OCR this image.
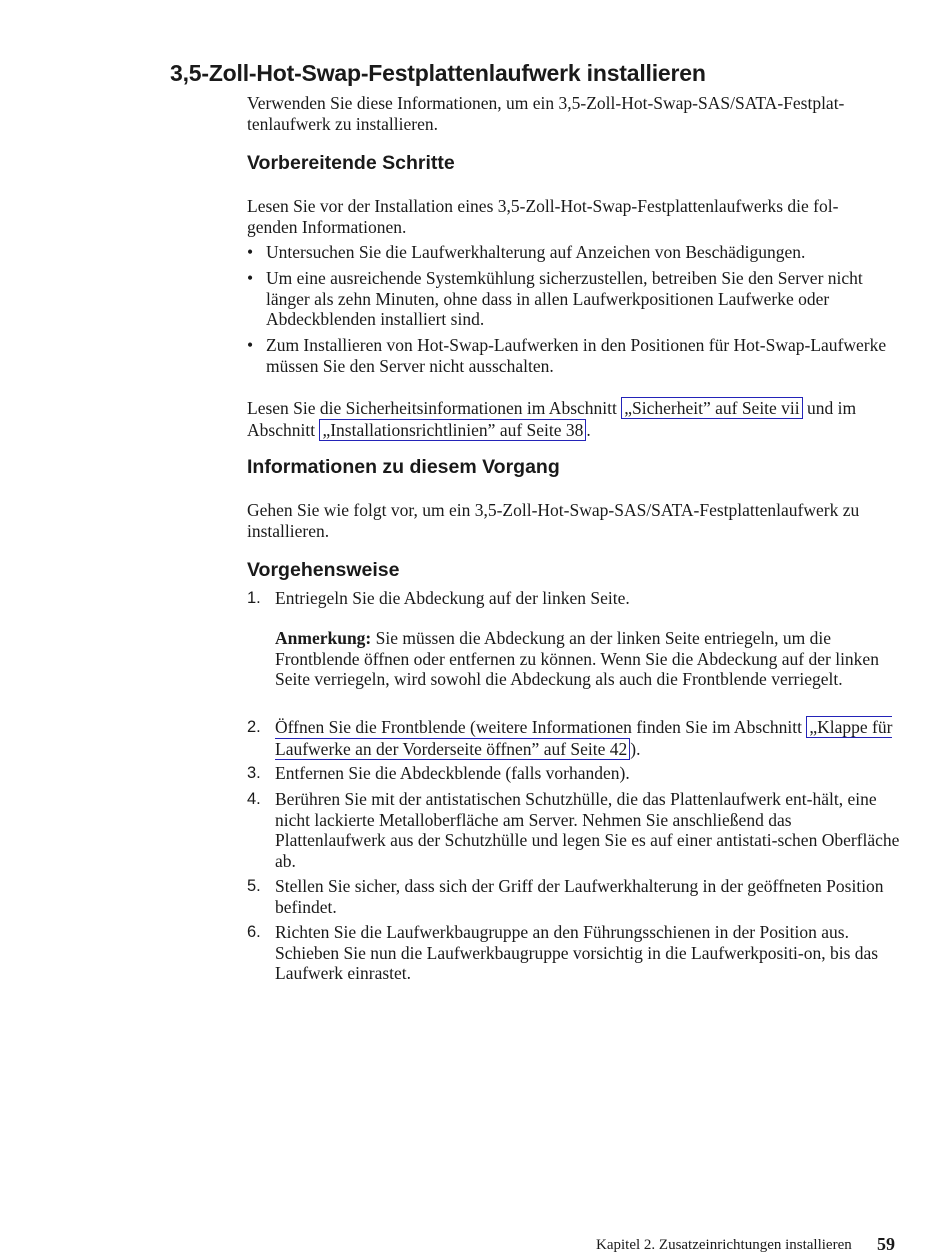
3,5-Zoll-Hot-Swap-Festplattenlaufwerk installieren

Verwenden Sie diese Informationen, um ein 3,5-Zoll-Hot-Swap-SAS/SATA-Festplat-
tenlaufwerk zu installieren.

Vorbereitende Schritte

Lesen Sie vor der Installation eines 3,5-Zoll-Hot-Swap-Festplattenlaufwerks die fol-
genden Informationen.

• Untersuchen Sie die Laufwerkhalterung auf Anzeichen von Beschädigungen.
• Um eine ausreichende Systemkühlung sicherzustellen, betreiben Sie den Server nicht länger als zehn Minuten, ohne dass in allen Laufwerkpositionen Laufwerke oder Abdeckblenden installiert sind.
• Zum Installieren von Hot-Swap-Laufwerken in den Positionen für Hot-Swap-Laufwerke müssen Sie den Server nicht ausschalten.

Lesen Sie die Sicherheitsinformationen im Abschnitt „Sicherheit” auf Seite vii und im Abschnitt „Installationsrichtlinien” auf Seite 38 .

Informationen zu diesem Vorgang

Gehen Sie wie folgt vor, um ein 3,5-Zoll-Hot-Swap-SAS/SATA-Festplattenlaufwerk zu installieren.

Vorgehensweise
1. Entriegeln Sie die Abdeckung auf der linken Seite.
Anmerkung: Sie müssen die Abdeckung an der linken Seite entriegeln, um die Frontblende öffnen oder entfernen zu können. Wenn Sie die Abdeckung auf der linken Seite verriegeln, wird sowohl die Abdeckung als auch die Frontblende verriegelt.
2. Öffnen Sie die Frontblende (weitere Informationen finden Sie im Abschnitt „Klappe für Laufwerke an der Vorderseite öffnen” auf Seite 42 ).
3. Entfernen Sie die Abdeckblende (falls vorhanden).
4. Berühren Sie mit der antistatischen Schutzhülle, die das Plattenlaufwerk ent-hält, eine nicht lackierte Metalloberfläche am Server. Nehmen Sie anschließend das Plattenlaufwerk aus der Schutzhülle und legen Sie es auf einer antistati-schen Oberfläche ab.
5. Stellen Sie sicher, dass sich der Griff der Laufwerkhalterung in der geöffneten Position befindet.
6. Richten Sie die Laufwerkbaugruppe an den Führungsschienen in der Position aus. Schieben Sie nun die Laufwerkbaugruppe vorsichtig in die Laufwerkpositi-on, bis das Laufwerk einrastet.
Kapitel 2. Zusatzeinrichtungen installieren 59
